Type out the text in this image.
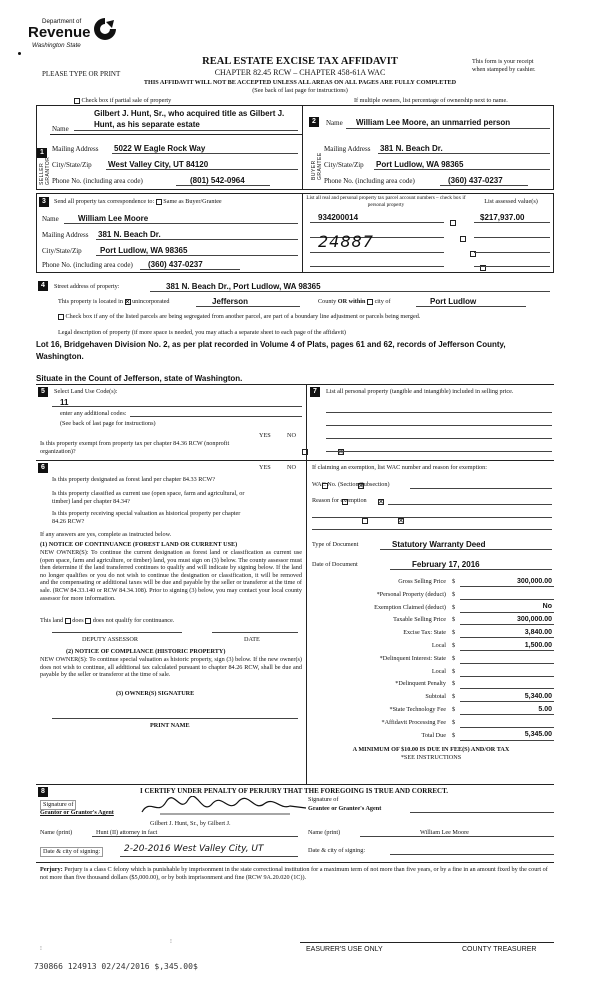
Department of
Revenue
Washington State
REAL ESTATE EXCISE TAX AFFIDAVIT
CHAPTER 82.45 RCW – CHAPTER 458-61A WAC
PLEASE TYPE OR PRINT
THIS AFFIDAVIT WILL NOT BE ACCEPTED UNLESS ALL AREAS ON ALL PAGES ARE FULLY COMPLETED
(See back of last page for instructions)
This form is your receipt
when stamped by cashier.
Check box if partial sale of property	If multiple owners, list percentage of ownership next to name.
1
SELLER GRANTOR
Gilbert J. Hunt, Sr., who acquired title as Gilbert J.
Name	Hunt, as his separate estate
Mailing Address 5022 W Eagle Rock Way
City/State/Zip West Valley City, UT 84120
Phone No. (including area code)	(801) 542-0964
2
BUYER GRANTEE
Name William Lee Moore, an unmarried person
Mailing Address 381 N. Beach Dr.
City/State/Zip Port Ludlow, WA 98365
Phone No. (including area code)	(360) 437-0237
3	Send all property tax correspondence to: Same as Buyer/Grantee
Name William Lee Moore
Mailing Address 381 N. Beach Dr.
City/State/Zip Port Ludlow, WA 98365
Phone No. (including area code) (360) 437-0237
List all real and personal property tax parcel account numbers – check box if personal property	List assessed value(s)
934200014	$217,937.00

24887
4	Street address of property:	381 N. Beach Dr., Port Ludlow, WA 98365
This property is located in ✕ unincorporated	Jefferson	County OR within city of	Port Ludlow
Check box if any of the listed parcels are being segregated from another parcel, are part of a boundary line adjustment or parcels being merged.
Legal description of property (if more space is needed, you may attach a separate sheet to each page of the affidavit)
Lot 16, Bridgehaven Division No. 2, as per plat recorded in Volume 4 of Plats, pages 61 and 62, records of Jefferson County,
Washington.
Situate in the Count of Jefferson, state of Washington.
5	Select Land Use Code(s):
11
enter any additional codes:
(See back of last page for instructions)
YES	NO
Is this property exempt from property tax per chapter 84.36 RCW (nonprofit organization)?
✕
6	YES	NO
Is this property designated as forest land per chapter 84.33 RCW?
✕
Is this property classified as current use (open space, farm and agricultural, or timber) land per chapter 84.34?
✕
Is this property receiving special valuation as historical property per chapter 84.26 RCW?
✕
If any answers are yes, complete as instructed below.
(1) NOTICE OF CONTINUANCE (FOREST LAND OR CURRENT USE)
NEW OWNER(S): To continue the current designation as forest land or classification as current use (open space, farm and agriculture, or timber) land, you must sign on (3) below. The county assessor must then determine if the land transferred continues to qualify and will indicate by signing below. If the land no longer qualifies or you do not wish to continue the designation or classification, it will be removed and the compensating or additional taxes will be due and payable by the seller or transferor at the time of sale. (RCW 84.33.140 or RCW 84.34.108). Prior to signing (3) below, you may contact your local county assessor for more information.
This land does does not qualify for continuance.
DEPUTY ASSESSOR	DATE
(2) NOTICE OF COMPLIANCE (HISTORIC PROPERTY)
NEW OWNER(S): To continue special valuation as historic property, sign (3) below. If the new owner(s) does not wish to continue, all additional tax calculated pursuant to chapter 84.26 RCW, shall be due and payable by the seller or transferor at the time of sale.
(3) OWNER(S) SIGNATURE
PRINT NAME
7	List all personal property (tangible and intangible) included in selling price.
If claiming an exemption, list WAC number and reason for exemption:
WAC No. (Section/Subsection)
Reason for exemption
Type of Document	Statutory Warranty Deed
Date of Document	February 17, 2016
Gross Selling Price $	300,000.00
*Personal Property (deduct) $
Exemption Claimed (deduct) $	No
Taxable Selling Price $	300,000.00
Excise Tax: State $	3,840.00
Local $	1,500.00
*Delinquent Interest: State $
Local $
*Delinquent Penalty $
Subtotal $	5,340.00
*State Technology Fee $	5.00
*Affidavit Processing Fee $
Total Due $	5,345.00
A MINIMUM OF $10.00 IS DUE IN FEE(S) AND/OR TAX
*SEE INSTRUCTIONS
8	I CERTIFY UNDER PENALTY OF PERJURY THAT THE FOREGOING IS TRUE AND CORRECT.
Signature of
Grantor or Grantor's Agent
Signature of
Grantee or Grantee's Agent
Gilbert J. Hunt, Sr., by Gilbert J.
Name (print)	Hunt (II) attorney in fact	Name (print)	William Lee Moore
Date & city of signing:	2-20-2016 West Valley City, UT	Date & city of signing:
Perjury: Perjury is a class C felony which is punishable by imprisonment in the state correctional institution for a maximum term of not more than five years, or by a fine in an amount fixed by the court of not more than five thousand dollars ($5,000.00), or by both imprisonment and fine (RCW 9A.20.020 (1C)).
EASURER'S USE ONLY	COUNTY TREASURER
730866 124913 02/24/2016 $,345.00$
⁝
⁝
